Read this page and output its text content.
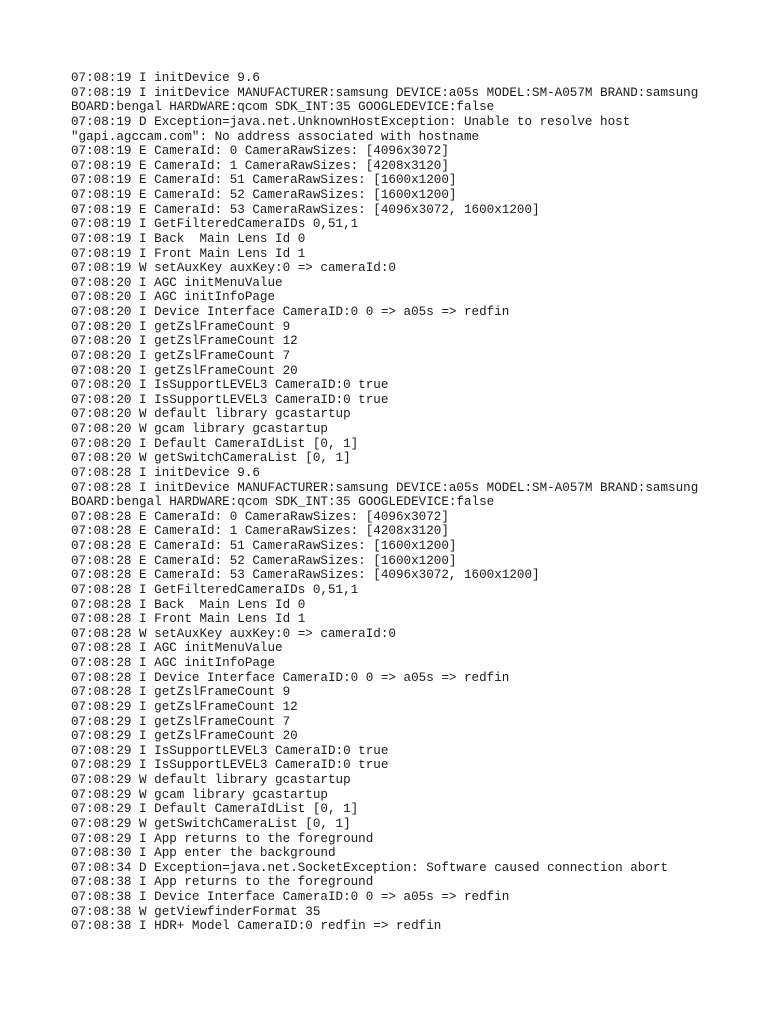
07:08:19 I initDevice 9.6
07:08:19 I initDevice MANUFACTURER:samsung DEVICE:a05s MODEL:SM-A057M BRAND:samsung
BOARD:bengal HARDWARE:qcom SDK_INT:35 GOOGLEDEVICE:false
07:08:19 D Exception=java.net.UnknownHostException: Unable to resolve host
"gapi.agccam.com": No address associated with hostname
07:08:19 E CameraId: 0 CameraRawSizes: [4096x3072]
07:08:19 E CameraId: 1 CameraRawSizes: [4208x3120]
07:08:19 E CameraId: 51 CameraRawSizes: [1600x1200]
07:08:19 E CameraId: 52 CameraRawSizes: [1600x1200]
07:08:19 E CameraId: 53 CameraRawSizes: [4096x3072, 1600x1200]
07:08:19 I GetFilteredCameraIDs 0,51,1
07:08:19 I Back  Main Lens Id 0
07:08:19 I Front Main Lens Id 1
07:08:19 W setAuxKey auxKey:0 => cameraId:0
07:08:20 I AGC initMenuValue
07:08:20 I AGC initInfoPage
07:08:20 I Device Interface CameraID:0 0 => a05s => redfin
07:08:20 I getZslFrameCount 9
07:08:20 I getZslFrameCount 12
07:08:20 I getZslFrameCount 7
07:08:20 I getZslFrameCount 20
07:08:20 I IsSupportLEVEL3 CameraID:0 true
07:08:20 I IsSupportLEVEL3 CameraID:0 true
07:08:20 W default library gcastartup
07:08:20 W gcam library gcastartup
07:08:20 I Default CameraIdList [0, 1]
07:08:20 W getSwitchCameraList [0, 1]
07:08:28 I initDevice 9.6
07:08:28 I initDevice MANUFACTURER:samsung DEVICE:a05s MODEL:SM-A057M BRAND:samsung
BOARD:bengal HARDWARE:qcom SDK_INT:35 GOOGLEDEVICE:false
07:08:28 E CameraId: 0 CameraRawSizes: [4096x3072]
07:08:28 E CameraId: 1 CameraRawSizes: [4208x3120]
07:08:28 E CameraId: 51 CameraRawSizes: [1600x1200]
07:08:28 E CameraId: 52 CameraRawSizes: [1600x1200]
07:08:28 E CameraId: 53 CameraRawSizes: [4096x3072, 1600x1200]
07:08:28 I GetFilteredCameraIDs 0,51,1
07:08:28 I Back  Main Lens Id 0
07:08:28 I Front Main Lens Id 1
07:08:28 W setAuxKey auxKey:0 => cameraId:0
07:08:28 I AGC initMenuValue
07:08:28 I AGC initInfoPage
07:08:28 I Device Interface CameraID:0 0 => a05s => redfin
07:08:28 I getZslFrameCount 9
07:08:29 I getZslFrameCount 12
07:08:29 I getZslFrameCount 7
07:08:29 I getZslFrameCount 20
07:08:29 I IsSupportLEVEL3 CameraID:0 true
07:08:29 I IsSupportLEVEL3 CameraID:0 true
07:08:29 W default library gcastartup
07:08:29 W gcam library gcastartup
07:08:29 I Default CameraIdList [0, 1]
07:08:29 W getSwitchCameraList [0, 1]
07:08:29 I App returns to the foreground
07:08:30 I App enter the background
07:08:34 D Exception=java.net.SocketException: Software caused connection abort
07:08:38 I App returns to the foreground
07:08:38 I Device Interface CameraID:0 0 => a05s => redfin
07:08:38 W getViewfinderFormat 35
07:08:38 I HDR+ Model CameraID:0 redfin => redfin
